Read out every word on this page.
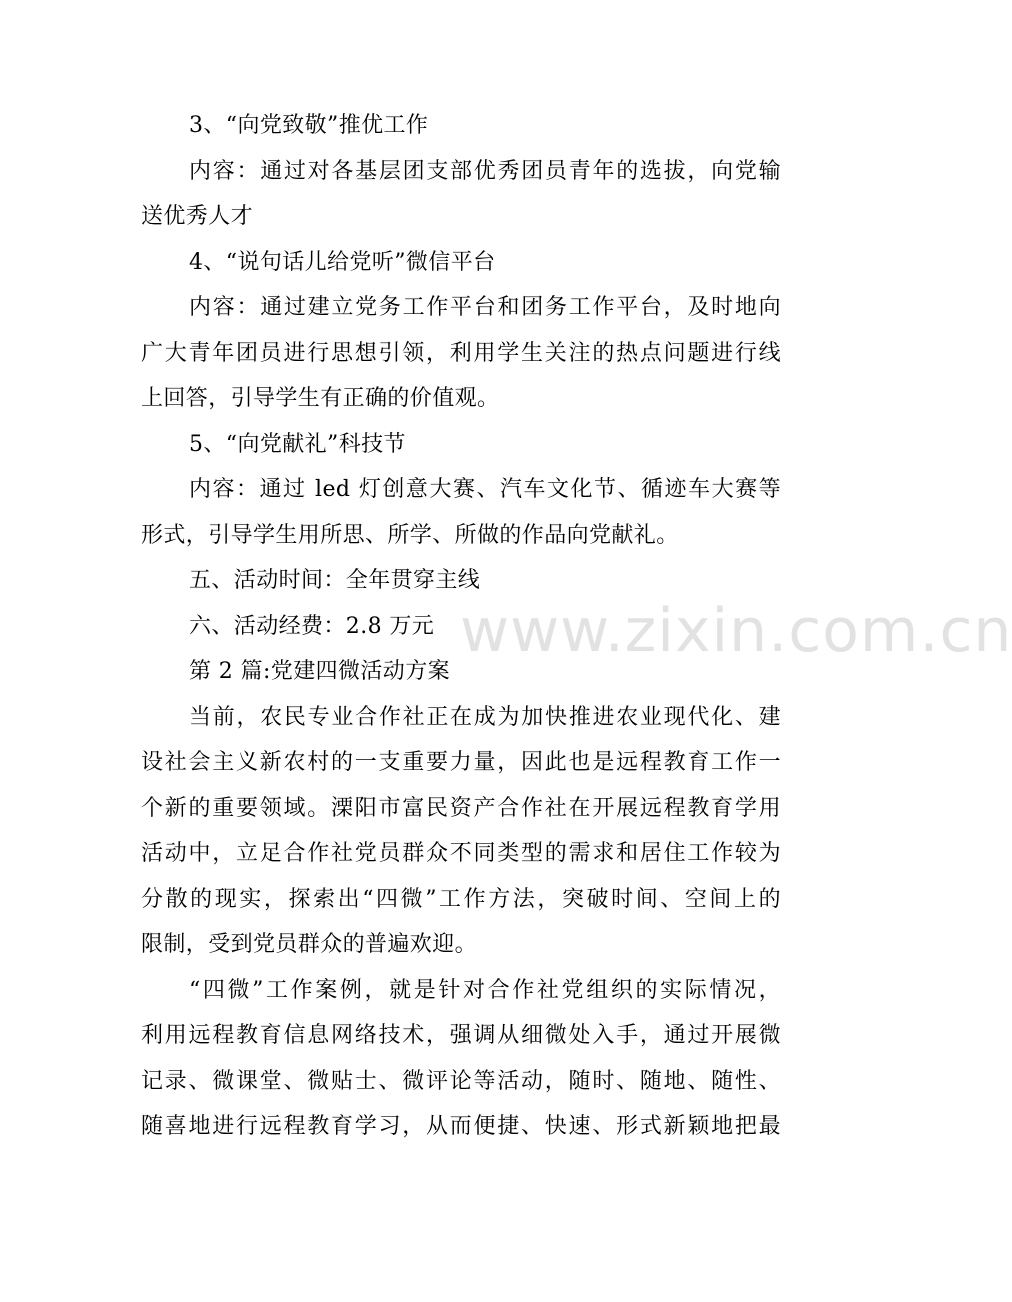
3、“向党致敬”推优工作
内容：通过对各基层团支部优秀团员青年的选拔，向党输
送优秀人才
4、“说句话儿给党听”微信平台
内容：通过建立党务工作平台和团务工作平台，及时地向
广大青年团员进行思想引领，利用学生关注的热点问题进行线
上回答，引导学生有正确的价值观。
5、“向党献礼”科技节
内容：通过 led 灯创意大赛、汽车文化节、循迹车大赛等
形式，引导学生用所思、所学、所做的作品向党献礼。
五、活动时间：全年贯穿主线
六、活动经费：2.8 万元
第 2 篇:党建四微活动方案
当前，农民专业合作社正在成为加快推进农业现代化、建
设社会主义新农村的一支重要力量，因此也是远程教育工作一
个新的重要领域。溧阳市富民资产合作社在开展远程教育学用
活动中，立足合作社党员群众不同类型的需求和居住工作较为
分散的现实，探索出“四微”工作方法，突破时间、空间上的
限制，受到党员群众的普遍欢迎。
“四微”工作案例，就是针对合作社党组织的实际情况，
利用远程教育信息网络技术，强调从细微处入手，通过开展微
记录、微课堂、微贴士、微评论等活动，随时、随地、随性、
随喜地进行远程教育学习，从而便捷、快速、形式新颖地把最
www.zixin.com.cn
